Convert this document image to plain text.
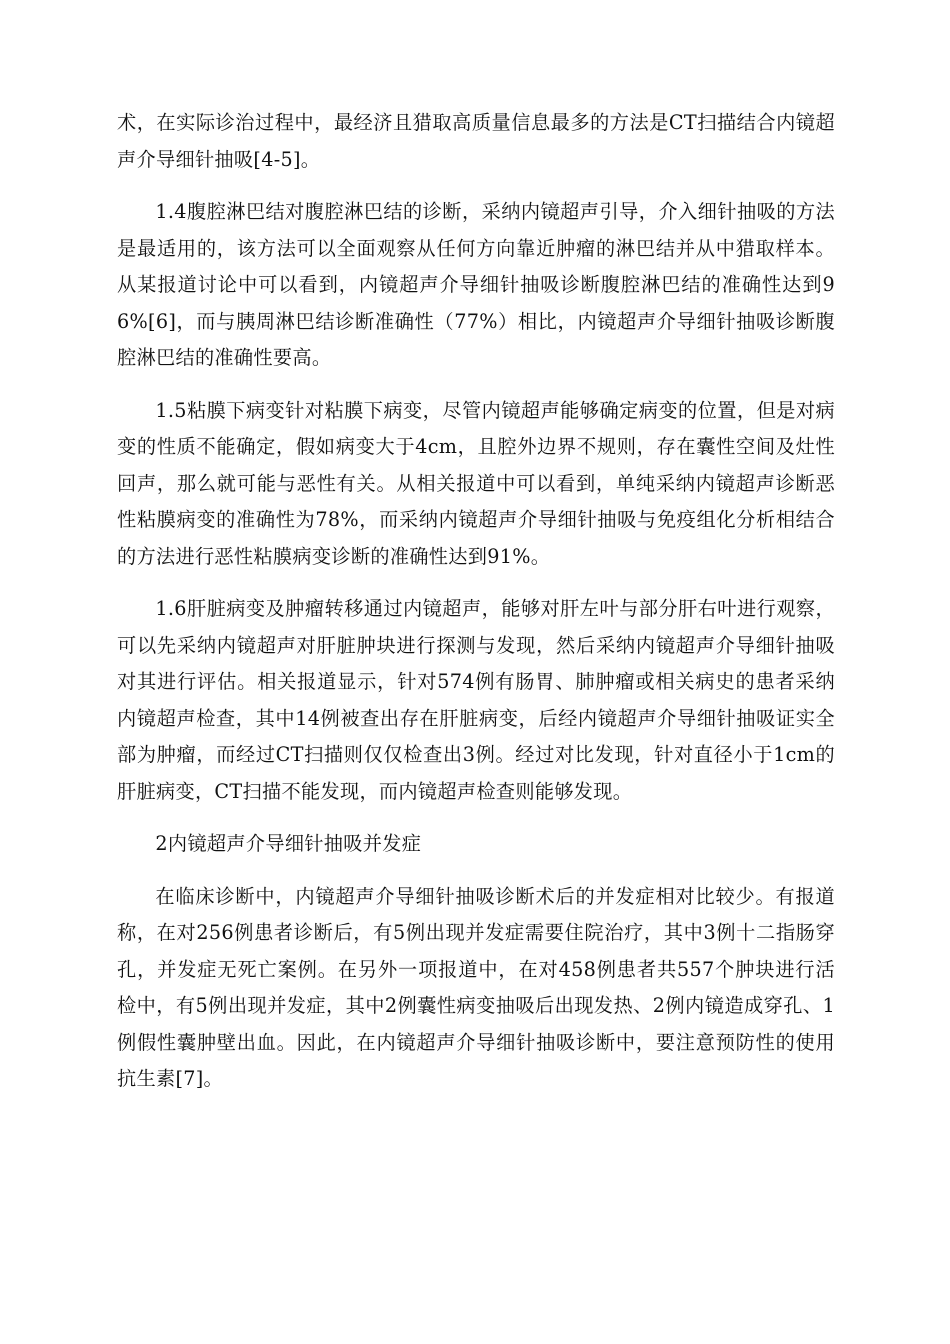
术，在实际诊治过程中，最经济且猎取高质量信息最多的方法是CT扫描结合内镜超声介导细针抽吸[4-5]。

1.4腹腔淋巴结对腹腔淋巴结的诊断，采纳内镜超声引导，介入细针抽吸的方法是最适用的，该方法可以全面观察从任何方向靠近肿瘤的淋巴结并从中猎取样本。从某报道讨论中可以看到，内镜超声介导细针抽吸诊断腹腔淋巴结的准确性达到96%[6]，而与胰周淋巴结诊断准确性（77%）相比，内镜超声介导细针抽吸诊断腹腔淋巴结的准确性要高。

1.5粘膜下病变针对粘膜下病变，尽管内镜超声能够确定病变的位置，但是对病变的性质不能确定，假如病变大于4cm，且腔外边界不规则，存在囊性空间及灶性回声，那么就可能与恶性有关。从相关报道中可以看到，单纯采纳内镜超声诊断恶性粘膜病变的准确性为78%，而采纳内镜超声介导细针抽吸与免疫组化分析相结合的方法进行恶性粘膜病变诊断的准确性达到91%。

1.6肝脏病变及肿瘤转移通过内镜超声，能够对肝左叶与部分肝右叶进行观察，可以先采纳内镜超声对肝脏肿块进行探测与发现，然后采纳内镜超声介导细针抽吸对其进行评估。相关报道显示，针对574例有肠胃、肺肿瘤或相关病史的患者采纳内镜超声检查，其中14例被查出存在肝脏病变，后经内镜超声介导细针抽吸证实全部为肿瘤，而经过CT扫描则仅仅检查出3例。经过对比发现，针对直径小于1cm的肝脏病变，CT扫描不能发现，而内镜超声检查则能够发现。

2内镜超声介导细针抽吸并发症

在临床诊断中，内镜超声介导细针抽吸诊断术后的并发症相对比较少。有报道称，在对256例患者诊断后，有5例出现并发症需要住院治疗，其中3例十二指肠穿孔，并发症无死亡案例。在另外一项报道中，在对458例患者共557个肿块进行活检中，有5例出现并发症，其中2例囊性病变抽吸后出现发热、2例内镜造成穿孔、1例假性囊肿壁出血。因此，在内镜超声介导细针抽吸诊断中，要注意预防性的使用抗生素[7]。
